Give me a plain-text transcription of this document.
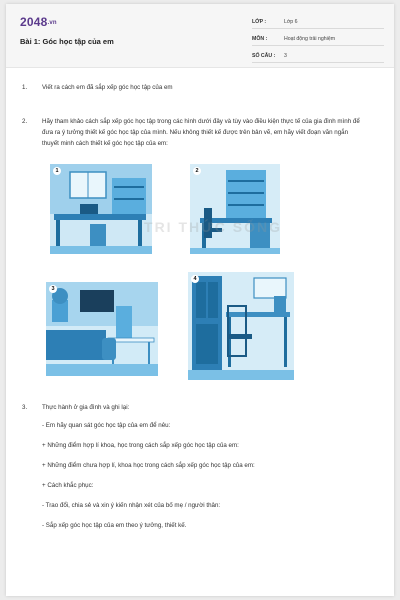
2048.vn
Bài 1: Góc học tập của em
LỚP :	Lớp 6
MÔN :	Hoạt động trải nghiệm
SỐ CÂU : 3
1. Viết ra cách em đã sắp xếp góc học tập của em
2. Hãy tham khảo cách sắp xếp góc học tập trong các hình dưới đây và tùy vào điều kiện thực tế của gia đình mình để đưa ra ý tưởng thiết kế góc học tập của mình. Nếu không thiết kế được trên bản vẽ, em hãy viết đoạn văn ngắn thuyết minh cách thiết kế góc học tập của em:
1	2
3
4
TRI THỨC SỐNG
3. Thực hành ở gia đình và ghi lại:
- Em hãy quan sát góc học tập của em để nêu:
+ Những điểm hợp lí khoa, học trong cách sắp xếp góc học tập của em:
+ Những điểm chưa hợp lí, khoa học trong cách sắp xếp góc học tập của em:
+ Cách khắc phục:
- Trao đổi, chia sẻ và xin ý kiến nhận xét của bố mẹ / người thân:
- Sắp xếp góc học tập của em theo ý tưởng, thiết kế.
